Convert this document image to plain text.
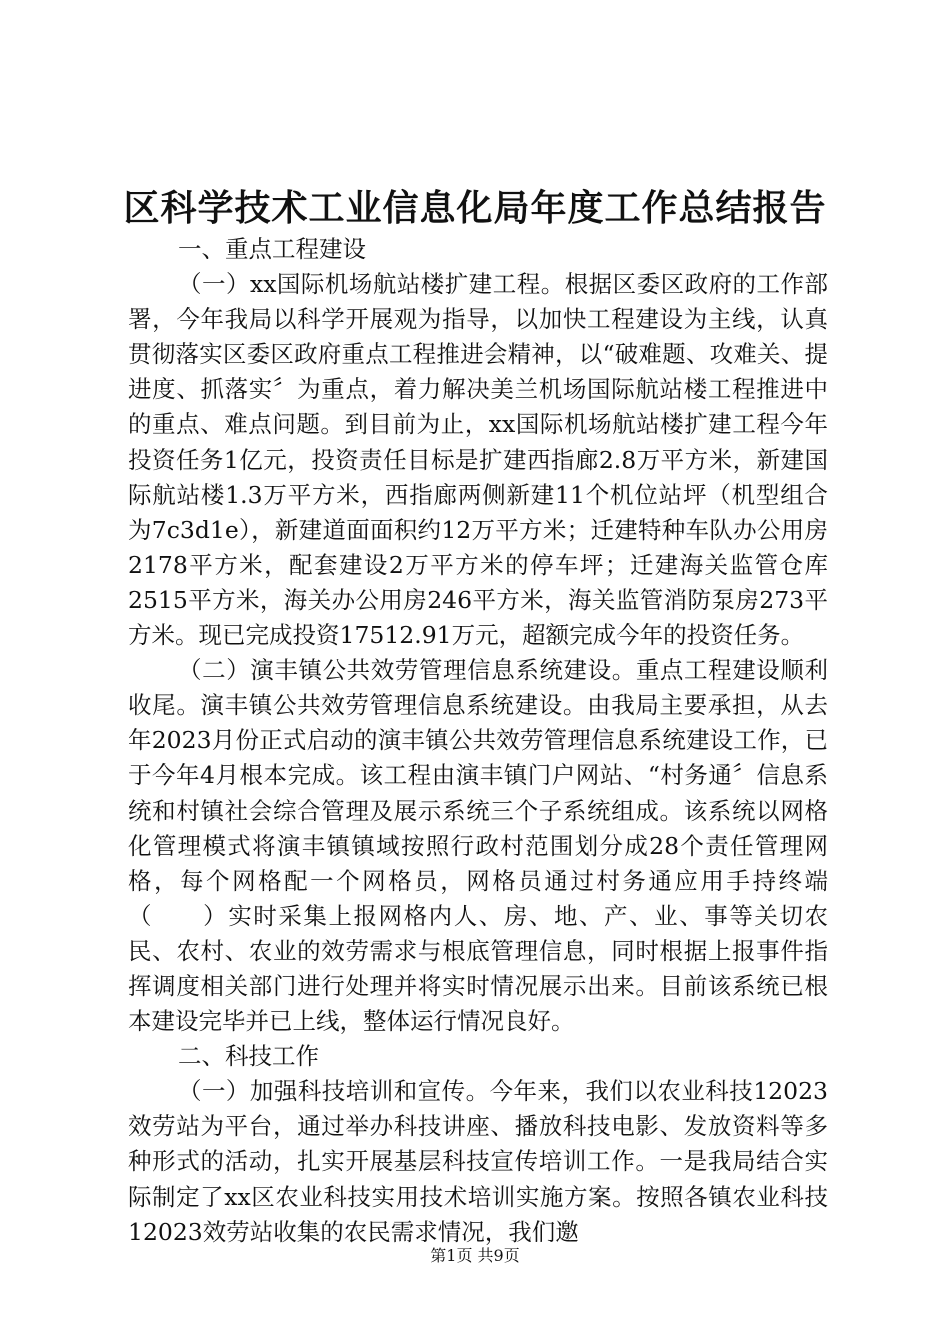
区科学技术工业信息化局年度工作总结报告

一、重点工程建设

（一）xx国际机场航站楼扩建工程。根据区委区政府的工作部署，今年我局以科学开展观为指导，以加快工程建设为主线，认真贯彻落实区委区政府重点工程推进会精神，以“破难题、攻难关、提进度、抓落实〞为重点，着力解决美兰机场国际航站楼工程推进中的重点、难点问题。到目前为止，xx国际机场航站楼扩建工程今年投资任务1亿元，投资责任目标是扩建西指廊2.8万平方米，新建国际航站楼1.3万平方米，西指廊两侧新建11个机位站坪（机型组合为7c3d1e），新建道面面积约12万平方米；迁建特种车队办公用房2178平方米，配套建设2万平方米的停车坪；迁建海关监管仓库2515平方米，海关办公用房246平方米，海关监管消防泵房273平方米。现已完成投资17512.91万元，超额完成今年的投资任务。

（二）演丰镇公共效劳管理信息系统建设。重点工程建设顺利收尾。演丰镇公共效劳管理信息系统建设。由我局主要承担，从去年2023月份正式启动的演丰镇公共效劳管理信息系统建设工作，已于今年4月根本完成。该工程由演丰镇门户网站、“村务通〞信息系统和村镇社会综合管理及展示系统三个子系统组成。该系统以网格化管理模式将演丰镇镇域按照行政村范围划分成28个责任管理网格，每个网格配一个网格员，网格员通过村务通应用手持终端（　　）实时采集上报网格内人、房、地、产、业、事等关切农民、农村、农业的效劳需求与根底管理信息，同时根据上报事件指挥调度相关部门进行处理并将实时情况展示出来。目前该系统已根本建设完毕并已上线，整体运行情况良好。

二、科技工作

（一）加强科技培训和宣传。今年来，我们以农业科技12023效劳站为平台，通过举办科技讲座、播放科技电影、发放资料等多种形式的活动，扎实开展基层科技宣传培训工作。一是我局结合实际制定了xx区农业科技实用技术培训实施方案。按照各镇农业科技12023效劳站收集的农民需求情况，我们邀

第1页 共9页
